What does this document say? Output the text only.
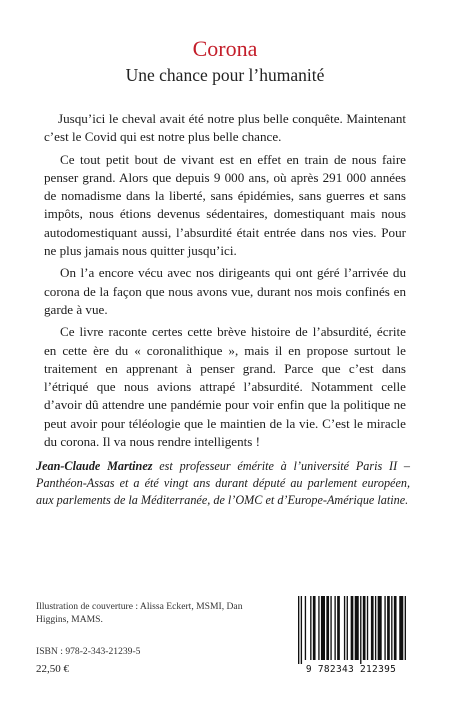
Corona
Une chance pour l’humanité

Jusqu’ici le cheval avait été notre plus belle conquête. Maintenant c’est le Covid qui est notre plus belle chance.

Ce tout petit bout de vivant est en effet en train de nous faire penser grand. Alors que depuis 9 000 ans, où après 291 000 années de nomadisme dans la liberté, sans épidémies, sans guerres et sans impôts, nous étions devenus sédentaires, domestiquant mais nous autodomestiquant aussi, l’absurdité était entrée dans nos vies. Pour ne plus jamais nous quitter jusqu’ici.

On l’a encore vécu avec nos dirigeants qui ont géré l’arrivée du corona de la façon que nous avons vue, durant nos mois confinés en garde à vue.

Ce livre raconte certes cette brève histoire de l’absurdité, écrite en cette ère du « coronalithique », mais il en propose surtout le traitement en apprenant à penser grand. Parce que c’est dans l’étriqué que nous avions attrapé l’absurdité. Notamment celle d’avoir dû attendre une pandémie pour voir enfin que la politique ne peut avoir pour téléologie que le maintien de la vie. C’est le miracle du corona. Il va nous rendre intelligents !

Jean-Claude Martinez est professeur émérite à l’université Paris II – Panthéon-Assas et a été vingt ans durant député au parlement européen, aux parlements de la Méditerranée, de l’OMC et d’Europe-Amérique latine.
Illustration de couverture : Alissa Eckert, MSMI, Dan Higgins, MAMS.
ISBN : 978-2-343-21239-5
22,50 €	9 782343 212395
